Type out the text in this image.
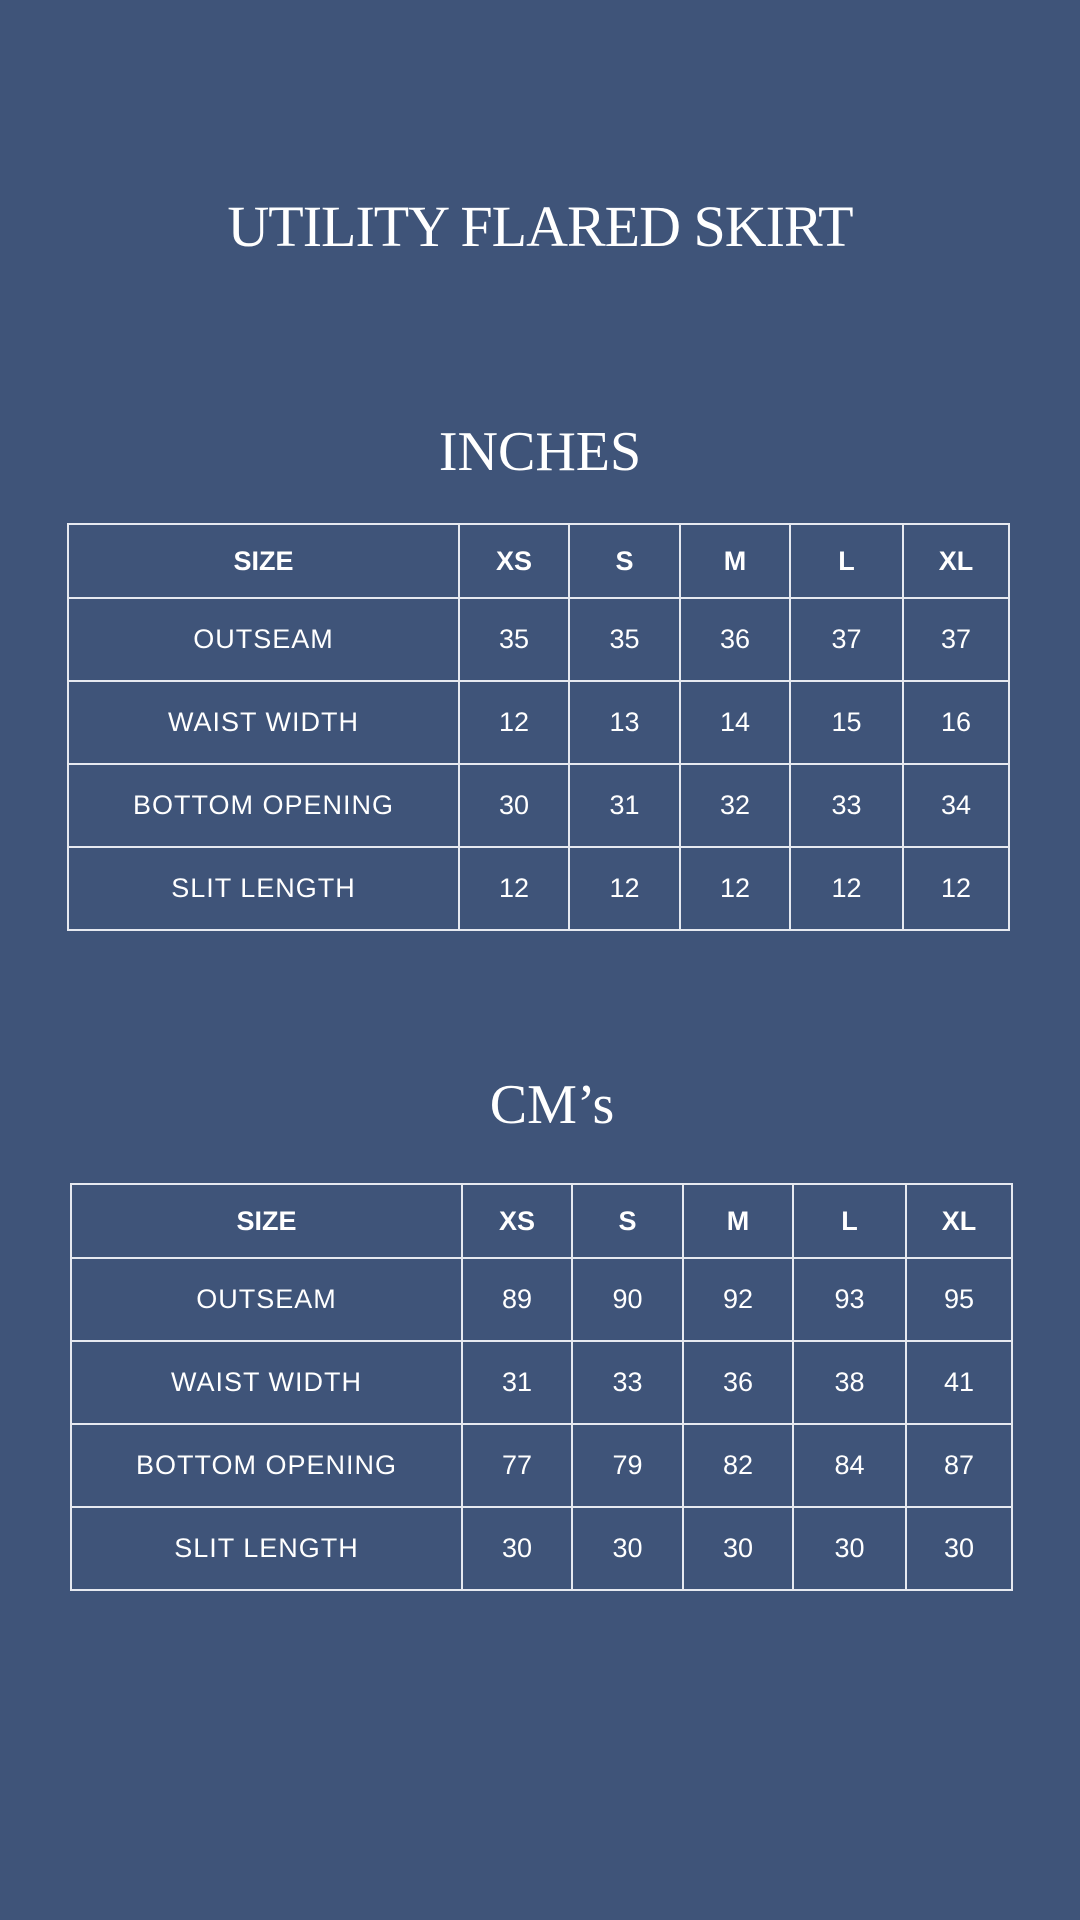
UTILITY FLARED SKIRT
INCHES
SIZE	XS	S	M	L	XL
OUTSEAM	35	35	36	37	37
WAIST WIDTH	12	13	14	15	16
BOTTOM OPENING	30	31	32	33	34
SLIT LENGTH	12	12	12	12	12
CM’s
SIZE	XS	S	M	L	XL
OUTSEAM	89	90	92	93	95
WAIST WIDTH	31	33	36	38	41
BOTTOM OPENING	77	79	82	84	87
SLIT LENGTH	30	30	30	30	30
